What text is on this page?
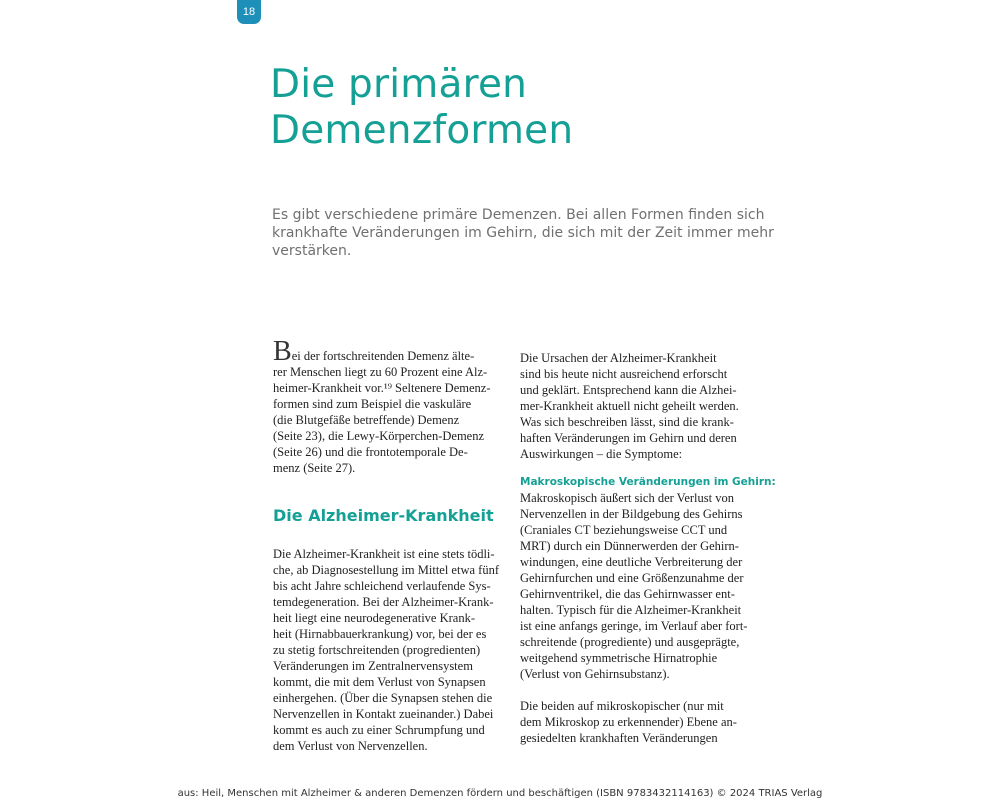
18
Die primären
Demenzformen

Es gibt verschiedene primäre Demenzen. Bei allen Formen finden sich
krankhafte Veränderungen im Gehirn, die sich mit der Zeit immer mehr
verstärken.

Bei der fortschreitenden Demenz älte-
rer Menschen liegt zu 60 Prozent eine Alz-
heimer-Krankheit vor.¹⁹ Seltenere Demenz-
formen sind zum Beispiel die vaskuläre
(die Blutgefäße betreffende) Demenz
(Seite 23), die Lewy-Körperchen-Demenz
(Seite 26) und die frontotemporale De-
menz (Seite 27).
Die Alzheimer-Krankheit
Die Alzheimer-Krankheit ist eine stets tödli-
che, ab Diagnosestellung im Mittel etwa fünf
bis acht Jahre schleichend verlaufende Sys-
temdegeneration. Bei der Alzheimer-Krank-
heit liegt eine neurodegenerative Krank-
heit (Hirnabbauerkrankung) vor, bei der es
zu stetig fortschreitenden (progredienten)
Veränderungen im Zentralnervensystem
kommt, die mit dem Verlust von Synapsen
einhergehen. (Über die Synapsen stehen die
Nervenzellen in Kontakt zueinander.) Dabei
kommt es auch zu einer Schrumpfung und
dem Verlust von Nervenzellen.
Die Ursachen der Alzheimer-Krankheit
sind bis heute nicht ausreichend erforscht
und geklärt. Entsprechend kann die Alzhei-
mer-Krankheit aktuell nicht geheilt werden.
Was sich beschreiben lässt, sind die krank-
haften Veränderungen im Gehirn und deren
Auswirkungen – die Symptome:
Makroskopische Veränderungen im Gehirn:
Makroskopisch äußert sich der Verlust von
Nervenzellen in der Bildgebung des Gehirns
(Craniales CT beziehungsweise CCT und
MRT) durch ein Dünnerwerden der Gehirn-
windungen, eine deutliche Verbreiterung der
Gehirnfurchen und eine Größenzunahme der
Gehirnventrikel, die das Gehirnwasser ent-
halten. Typisch für die Alzheimer-Krankheit
ist eine anfangs geringe, im Verlauf aber fort-
schreitende (progrediente) und ausgeprägte,
weitgehend symmetrische Hirnatrophie
(Verlust von Gehirnsubstanz).
Die beiden auf mikroskopischer (nur mit
dem Mikroskop zu erkennender) Ebene an-
gesiedelten krankhaften Veränderungen
aus: Heil, Menschen mit Alzheimer & anderen Demenzen fördern und beschäftigen (ISBN 9783432114163) © 2024 TRIAS Verlag
